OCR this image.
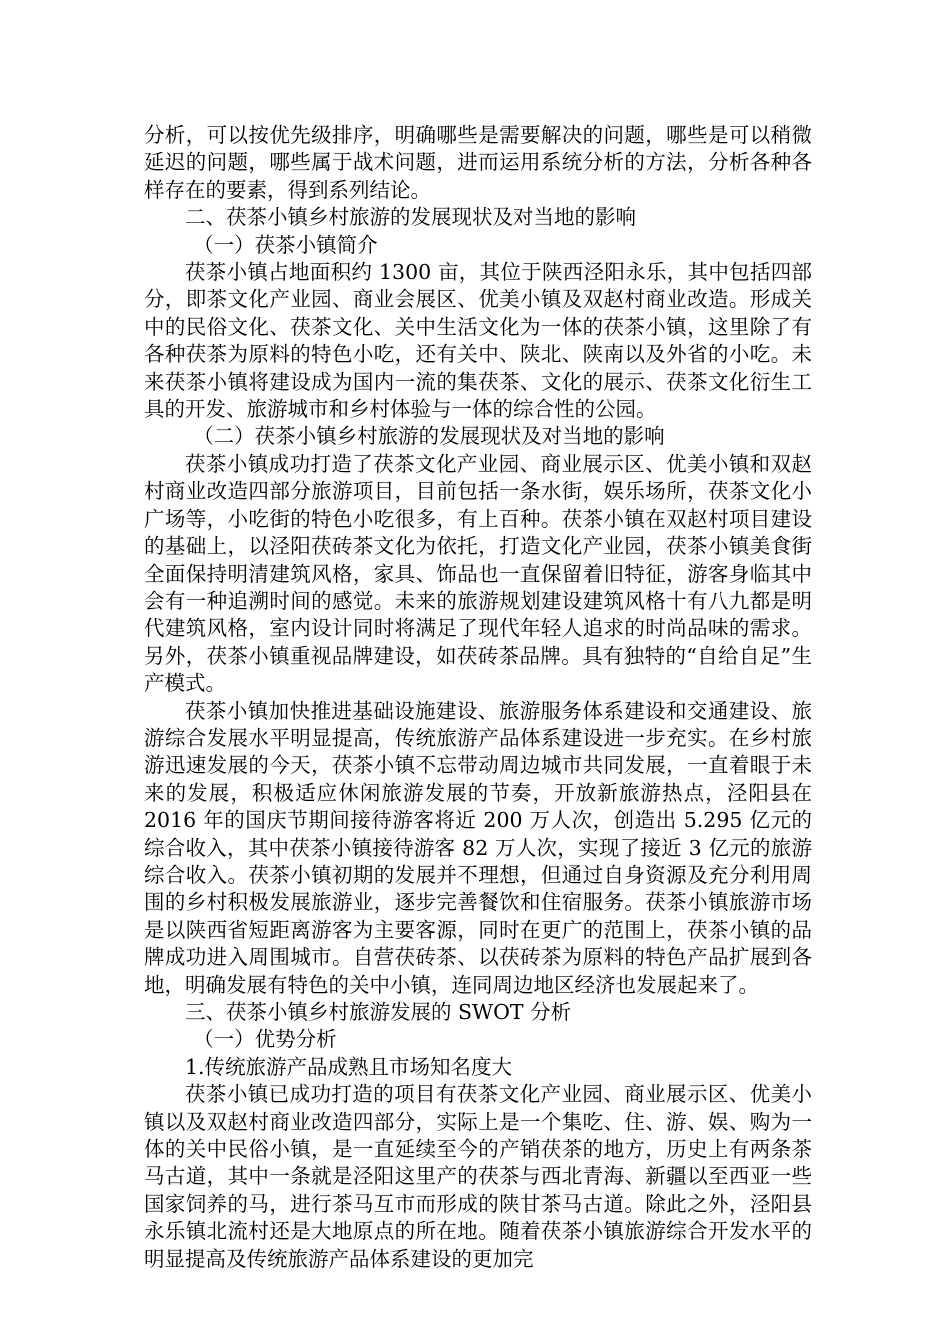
分析，可以按优先级排序，明确哪些是需要解决的问题，哪些是可以稍微延迟的问题，哪些属于战术问题，进而运用系统分析的方法，分析各种各样存在的要素，得到系列结论。

二、茯茶小镇乡村旅游的发展现状及对当地的影响

（一）茯茶小镇简介

茯茶小镇占地面积约 1300 亩，其位于陕西泾阳永乐，其中包括四部分，即茶文化产业园、商业会展区、优美小镇及双赵村商业改造。形成关中的民俗文化、茯茶文化、关中生活文化为一体的茯茶小镇，这里除了有各种茯茶为原料的特色小吃，还有关中、陕北、陕南以及外省的小吃。未来茯茶小镇将建设成为国内一流的集茯茶、文化的展示、茯茶文化衍生工具的开发、旅游城市和乡村体验与一体的综合性的公园。

（二）茯茶小镇乡村旅游的发展现状及对当地的影响

茯茶小镇成功打造了茯茶文化产业园、商业展示区、优美小镇和双赵村商业改造四部分旅游项目，目前包括一条水街，娱乐场所，茯茶文化小广场等，小吃街的特色小吃很多，有上百种。茯茶小镇在双赵村项目建设的基础上，以泾阳茯砖茶文化为依托，打造文化产业园，茯茶小镇美食街全面保持明清建筑风格，家具、饰品也一直保留着旧特征，游客身临其中会有一种追溯时间的感觉。未来的旅游规划建设建筑风格十有八九都是明代建筑风格，室内设计同时将满足了现代年轻人追求的时尚品味的需求。另外，茯茶小镇重视品牌建设，如茯砖茶品牌。具有独特的“自给自足”生产模式。

茯茶小镇加快推进基础设施建设、旅游服务体系建设和交通建设、旅游综合发展水平明显提高，传统旅游产品体系建设进一步充实。在乡村旅游迅速发展的今天，茯茶小镇不忘带动周边城市共同发展，一直着眼于未来的发展，积极适应休闲旅游发展的节奏，开放新旅游热点，泾阳县在 2016 年的国庆节期间接待游客将近 200 万人次，创造出 5.295 亿元的综合收入，其中茯茶小镇接待游客 82 万人次，实现了接近 3 亿元的旅游综合收入。茯茶小镇初期的发展并不理想，但通过自身资源及充分利用周围的乡村积极发展旅游业，逐步完善餐饮和住宿服务。茯茶小镇旅游市场是以陕西省短距离游客为主要客源，同时在更广的范围上，茯茶小镇的品牌成功进入周围城市。自营茯砖茶、以茯砖茶为原料的特色产品扩展到各地，明确发展有特色的关中小镇，连同周边地区经济也发展起来了。

三、茯茶小镇乡村旅游发展的 SWOT 分析

（一）优势分析

1.传统旅游产品成熟且市场知名度大

茯茶小镇已成功打造的项目有茯茶文化产业园、商业展示区、优美小镇以及双赵村商业改造四部分，实际上是一个集吃、住、游、娱、购为一体的关中民俗小镇，是一直延续至今的产销茯茶的地方，历史上有两条茶马古道，其中一条就是泾阳这里产的茯茶与西北青海、新疆以至西亚一些国家饲养的马，进行茶马互市而形成的陕甘茶马古道。除此之外，泾阳县永乐镇北流村还是大地原点的所在地。随着茯茶小镇旅游综合开发水平的明显提高及传统旅游产品体系建设的更加完
